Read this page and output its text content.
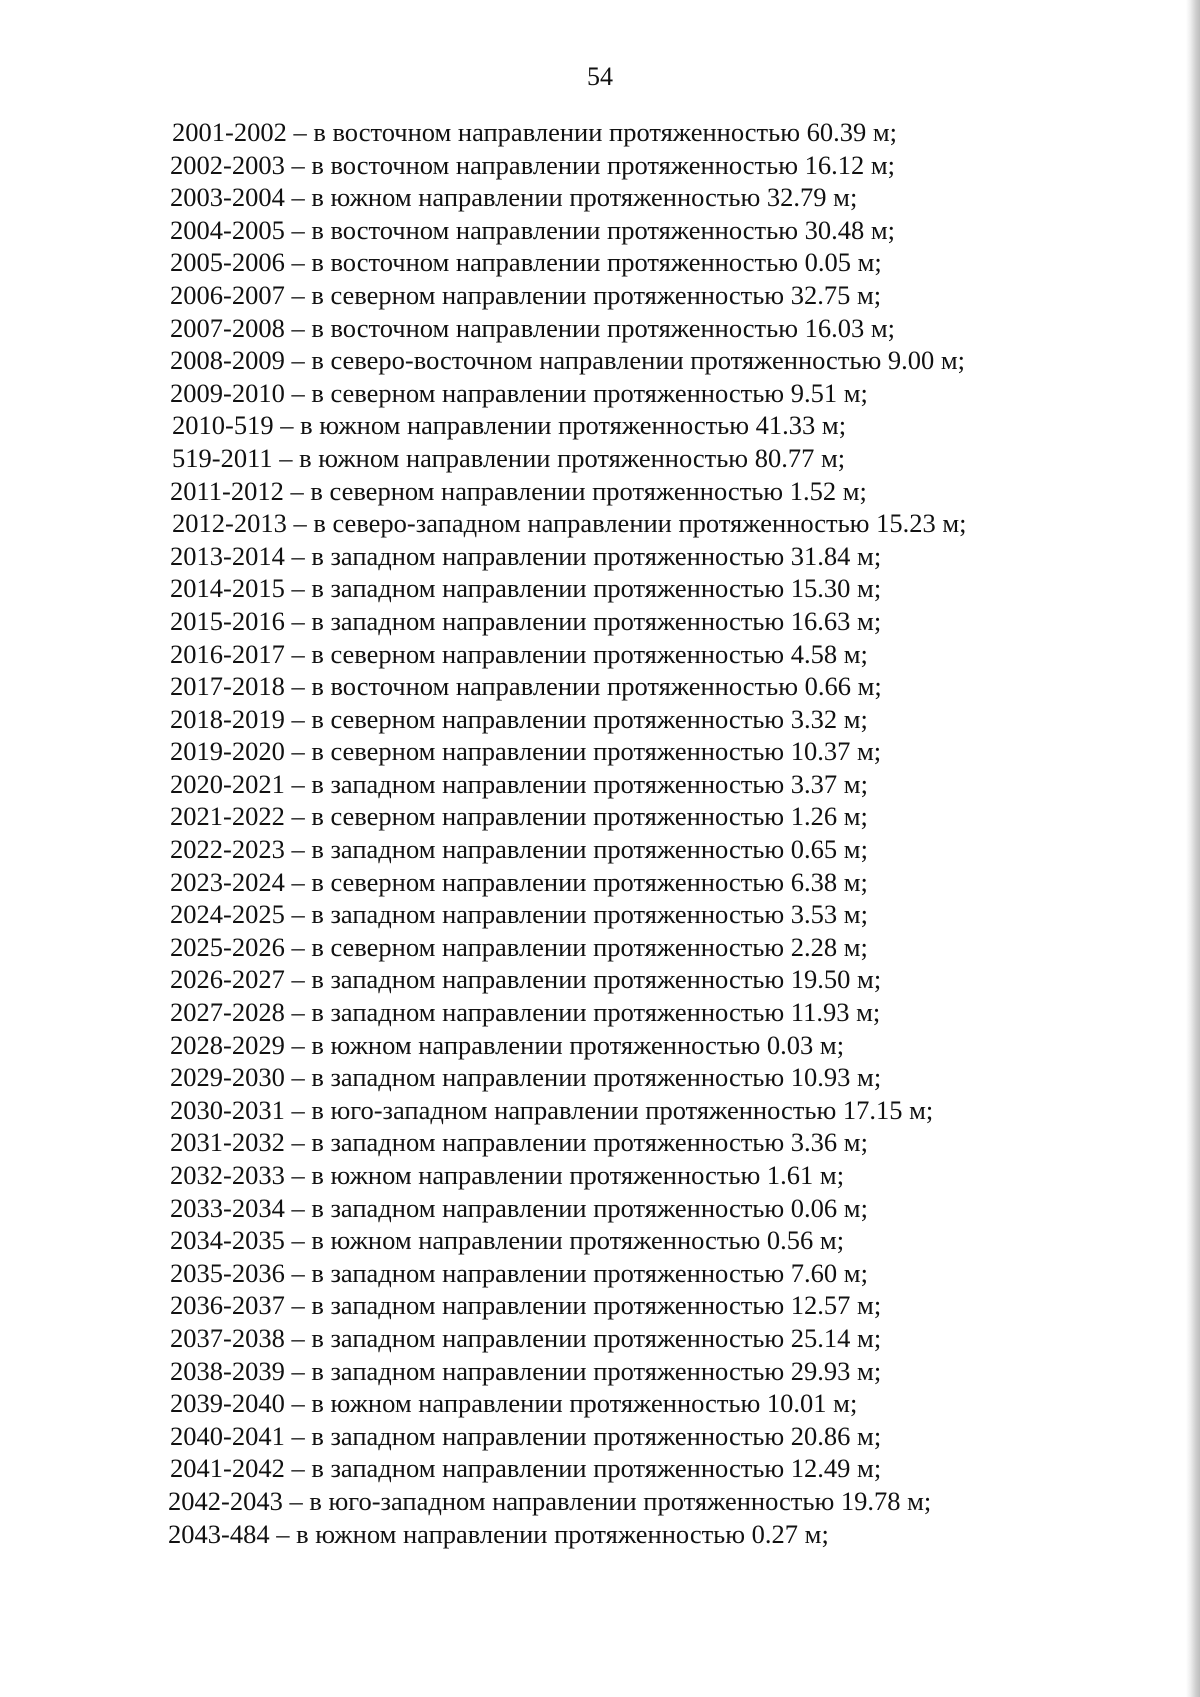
54
2001-2002 – в восточном направлении протяженностью 60.39 м;
2002-2003 – в восточном направлении протяженностью 16.12 м;
2003-2004 – в южном направлении протяженностью 32.79 м;
2004-2005 – в восточном направлении протяженностью 30.48 м;
2005-2006 – в восточном направлении протяженностью 0.05 м;
2006-2007 – в северном направлении протяженностью 32.75 м;
2007-2008 – в восточном направлении протяженностью 16.03 м;
2008-2009 – в северо-восточном направлении протяженностью 9.00 м;
2009-2010 – в северном направлении протяженностью 9.51 м;
2010-519 – в южном направлении протяженностью 41.33 м;
519-2011 – в южном направлении протяженностью 80.77 м;
2011-2012 – в северном направлении протяженностью 1.52 м;
2012-2013 – в северо-западном направлении протяженностью 15.23 м;
2013-2014 – в западном направлении протяженностью 31.84 м;
2014-2015 – в западном направлении протяженностью 15.30 м;
2015-2016 – в западном направлении протяженностью 16.63 м;
2016-2017 – в северном направлении протяженностью 4.58 м;
2017-2018 – в восточном направлении протяженностью 0.66 м;
2018-2019 – в северном направлении протяженностью 3.32 м;
2019-2020 – в северном направлении протяженностью 10.37 м;
2020-2021 – в западном направлении протяженностью 3.37 м;
2021-2022 – в северном направлении протяженностью 1.26 м;
2022-2023 – в западном направлении протяженностью 0.65 м;
2023-2024 – в северном направлении протяженностью 6.38 м;
2024-2025 – в западном направлении протяженностью 3.53 м;
2025-2026 – в северном направлении протяженностью 2.28 м;
2026-2027 – в западном направлении протяженностью 19.50 м;
2027-2028 – в западном направлении протяженностью 11.93 м;
2028-2029 – в южном направлении протяженностью 0.03 м;
2029-2030 – в западном направлении протяженностью 10.93 м;
2030-2031 – в юго-западном направлении протяженностью 17.15 м;
2031-2032 – в западном направлении протяженностью 3.36 м;
2032-2033 – в южном направлении протяженностью 1.61 м;
2033-2034 – в западном направлении протяженностью 0.06 м;
2034-2035 – в южном направлении протяженностью 0.56 м;
2035-2036 – в западном направлении протяженностью 7.60 м;
2036-2037 – в западном направлении протяженностью 12.57 м;
2037-2038 – в западном направлении протяженностью 25.14 м;
2038-2039 – в западном направлении протяженностью 29.93 м;
2039-2040 – в южном направлении протяженностью 10.01 м;
2040-2041 – в западном направлении протяженностью 20.86 м;
2041-2042 – в западном направлении протяженностью 12.49 м;
2042-2043 – в юго-западном направлении протяженностью 19.78 м;
2043-484 – в южном направлении протяженностью 0.27 м;
